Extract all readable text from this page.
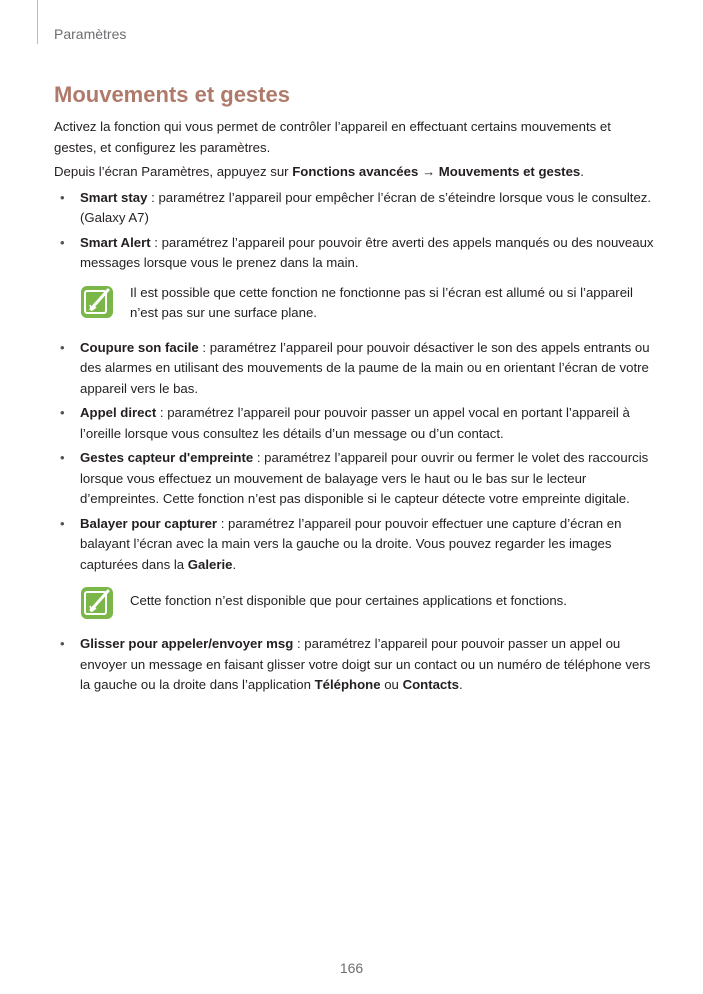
Paramètres
Mouvements et gestes

Activez la fonction qui vous permet de contrôler l’appareil en effectuant certains mouvements et gestes, et configurez les paramètres.

Depuis l’écran Paramètres, appuyez sur Fonctions avancées → Mouvements et gestes.

• Smart stay : paramétrez l’appareil pour empêcher l’écran de s’éteindre lorsque vous le consultez. (Galaxy A7)
• Smart Alert : paramétrez l’appareil pour pouvoir être averti des appels manqués ou des nouveaux messages lorsque vous le prenez dans la main.
Il est possible que cette fonction ne fonctionne pas si l’écran est allumé ou si l’appareil n’est pas sur une surface plane.
• Coupure son facile : paramétrez l’appareil pour pouvoir désactiver le son des appels entrants ou des alarmes en utilisant des mouvements de la paume de la main ou en orientant l’écran de votre appareil vers le bas.
• Appel direct : paramétrez l’appareil pour pouvoir passer un appel vocal en portant l’appareil à l’oreille lorsque vous consultez les détails d’un message ou d’un contact.
• Gestes capteur d'empreinte : paramétrez l’appareil pour ouvrir ou fermer le volet des raccourcis lorsque vous effectuez un mouvement de balayage vers le haut ou le bas sur le lecteur d’empreintes. Cette fonction n’est pas disponible si le capteur détecte votre empreinte digitale.
• Balayer pour capturer : paramétrez l’appareil pour pouvoir effectuer une capture d’écran en balayant l’écran avec la main vers la gauche ou la droite. Vous pouvez regarder les images capturées dans la Galerie.
Cette fonction n’est disponible que pour certaines applications et fonctions.
• Glisser pour appeler/envoyer msg : paramétrez l’appareil pour pouvoir passer un appel ou envoyer un message en faisant glisser votre doigt sur un contact ou un numéro de téléphone vers la gauche ou la droite dans l’application Téléphone ou Contacts.
166
